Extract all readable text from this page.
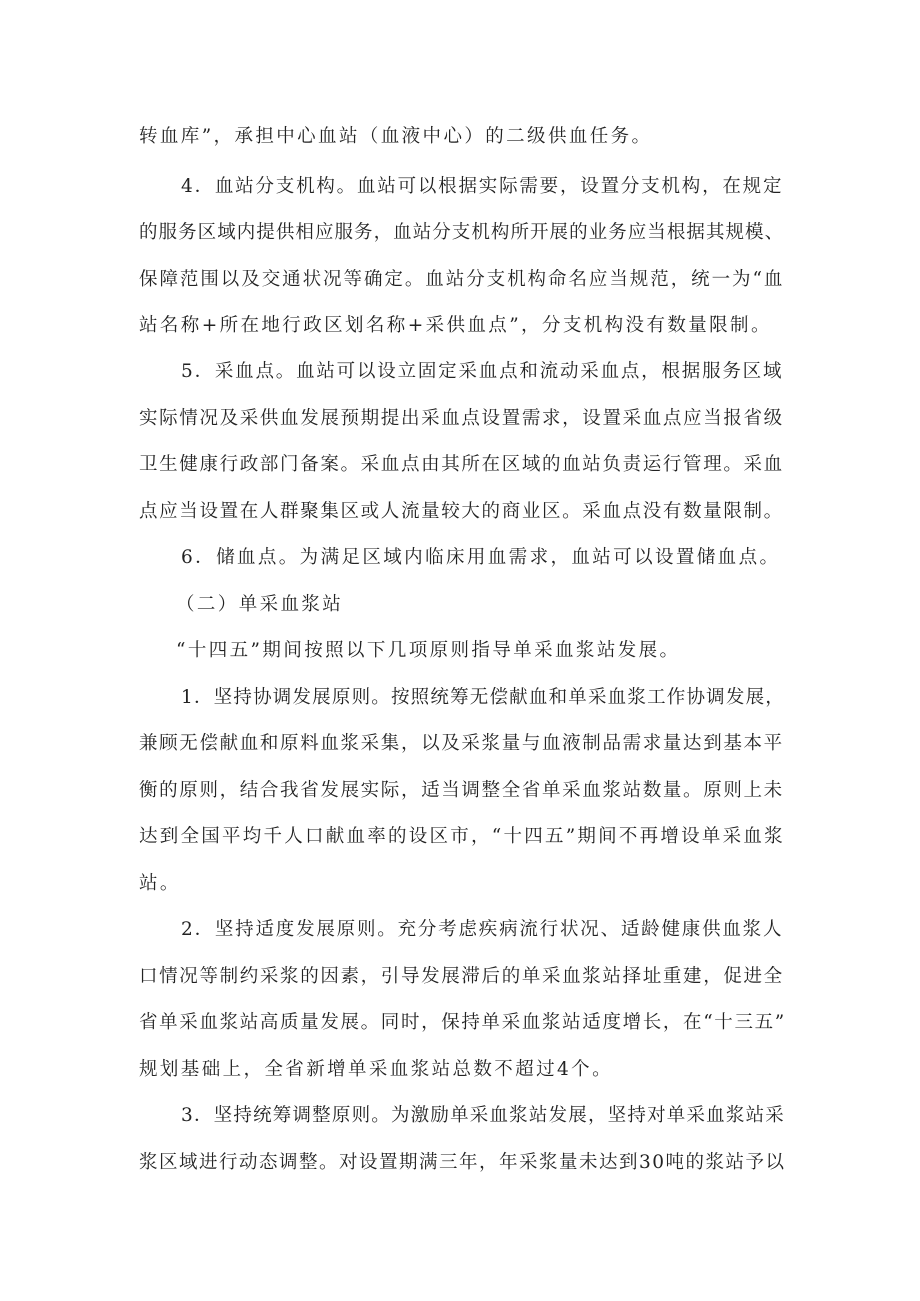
转血库”，承担中心血站（血液中心）的二级供血任务。
4．血站分支机构。血站可以根据实际需要，设置分支机构，在规定
的服务区域内提供相应服务，血站分支机构所开展的业务应当根据其规模、
保障范围以及交通状况等确定。血站分支机构命名应当规范，统一为“血
站名称+所在地行政区划名称+采供血点”，分支机构没有数量限制。
5．采血点。血站可以设立固定采血点和流动采血点，根据服务区域
实际情况及采供血发展预期提出采血点设置需求，设置采血点应当报省级
卫生健康行政部门备案。采血点由其所在区域的血站负责运行管理。采血
点应当设置在人群聚集区或人流量较大的商业区。采血点没有数量限制。
6．储血点。为满足区域内临床用血需求，血站可以设置储血点。
（二）单采血浆站
“十四五”期间按照以下几项原则指导单采血浆站发展。
1．坚持协调发展原则。按照统筹无偿献血和单采血浆工作协调发展，
兼顾无偿献血和原料血浆采集，以及采浆量与血液制品需求量达到基本平
衡的原则，结合我省发展实际，适当调整全省单采血浆站数量。原则上未
达到全国平均千人口献血率的设区市，“十四五”期间不再增设单采血浆
站。
2．坚持适度发展原则。充分考虑疾病流行状况、适龄健康供血浆人
口情况等制约采浆的因素，引导发展滞后的单采血浆站择址重建，促进全
省单采血浆站高质量发展。同时，保持单采血浆站适度增长，在“十三五”
规划基础上，全省新增单采血浆站总数不超过4个。
3．坚持统筹调整原则。为激励单采血浆站发展，坚持对单采血浆站采
浆区域进行动态调整。对设置期满三年，年采浆量未达到30吨的浆站予以
